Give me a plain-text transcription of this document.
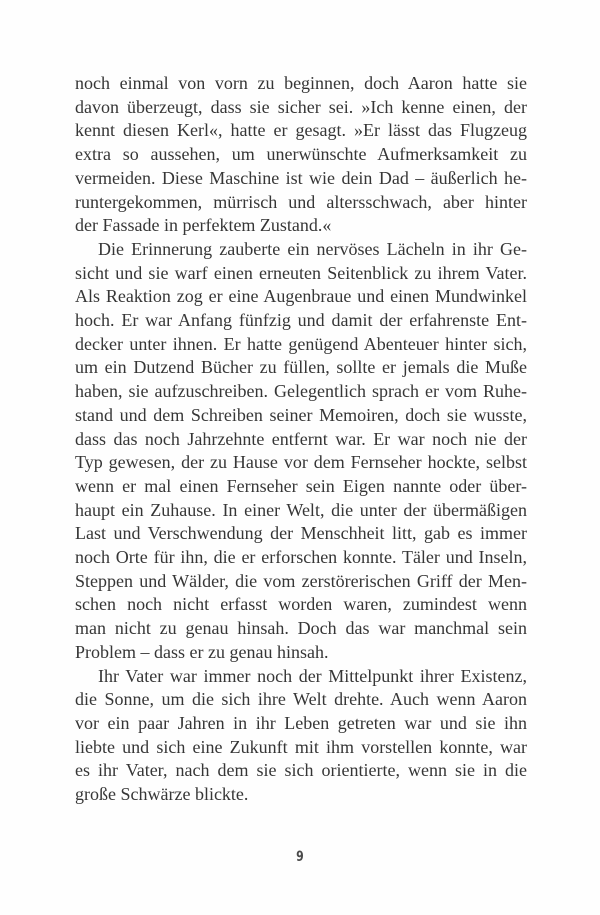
noch einmal von vorn zu beginnen, doch Aaron hatte sie
davon überzeugt, dass sie sicher sei. »Ich kenne einen, der
kennt diesen Kerl«, hatte er gesagt. »Er lässt das Flugzeug
extra so aussehen, um unerwünschte Aufmerksamkeit zu
vermeiden. Diese Maschine ist wie dein Dad – äußerlich he-
runtergekommen, mürrisch und altersschwach, aber hinter
der Fassade in perfektem Zustand.«
Die Erinnerung zauberte ein nervöses Lächeln in ihr Ge-
sicht und sie warf einen erneuten Seitenblick zu ihrem Vater.
Als Reaktion zog er eine Augenbraue und einen Mundwinkel
hoch. Er war Anfang fünfzig und damit der erfahrenste Ent-
decker unter ihnen. Er hatte genügend Abenteuer hinter sich,
um ein Dutzend Bücher zu füllen, sollte er jemals die Muße
haben, sie aufzuschreiben. Gelegentlich sprach er vom Ruhe-
stand und dem Schreiben seiner Memoiren, doch sie wusste,
dass das noch Jahrzehnte entfernt war. Er war noch nie der
Typ gewesen, der zu Hause vor dem Fernseher hockte, selbst
wenn er mal einen Fernseher sein Eigen nannte oder über-
haupt ein Zuhause. In einer Welt, die unter der übermäßigen
Last und Verschwendung der Menschheit litt, gab es immer
noch Orte für ihn, die er erforschen konnte. Täler und Inseln,
Steppen und Wälder, die vom zerstörerischen Griff der Men-
schen noch nicht erfasst worden waren, zumindest wenn
man nicht zu genau hinsah. Doch das war manchmal sein
Problem – dass er zu genau hinsah.
Ihr Vater war immer noch der Mittelpunkt ihrer Existenz,
die Sonne, um die sich ihre Welt drehte. Auch wenn Aaron
vor ein paar Jahren in ihr Leben getreten war und sie ihn
liebte und sich eine Zukunft mit ihm vorstellen konnte, war
es ihr Vater, nach dem sie sich orientierte, wenn sie in die
große Schwärze blickte.
9
